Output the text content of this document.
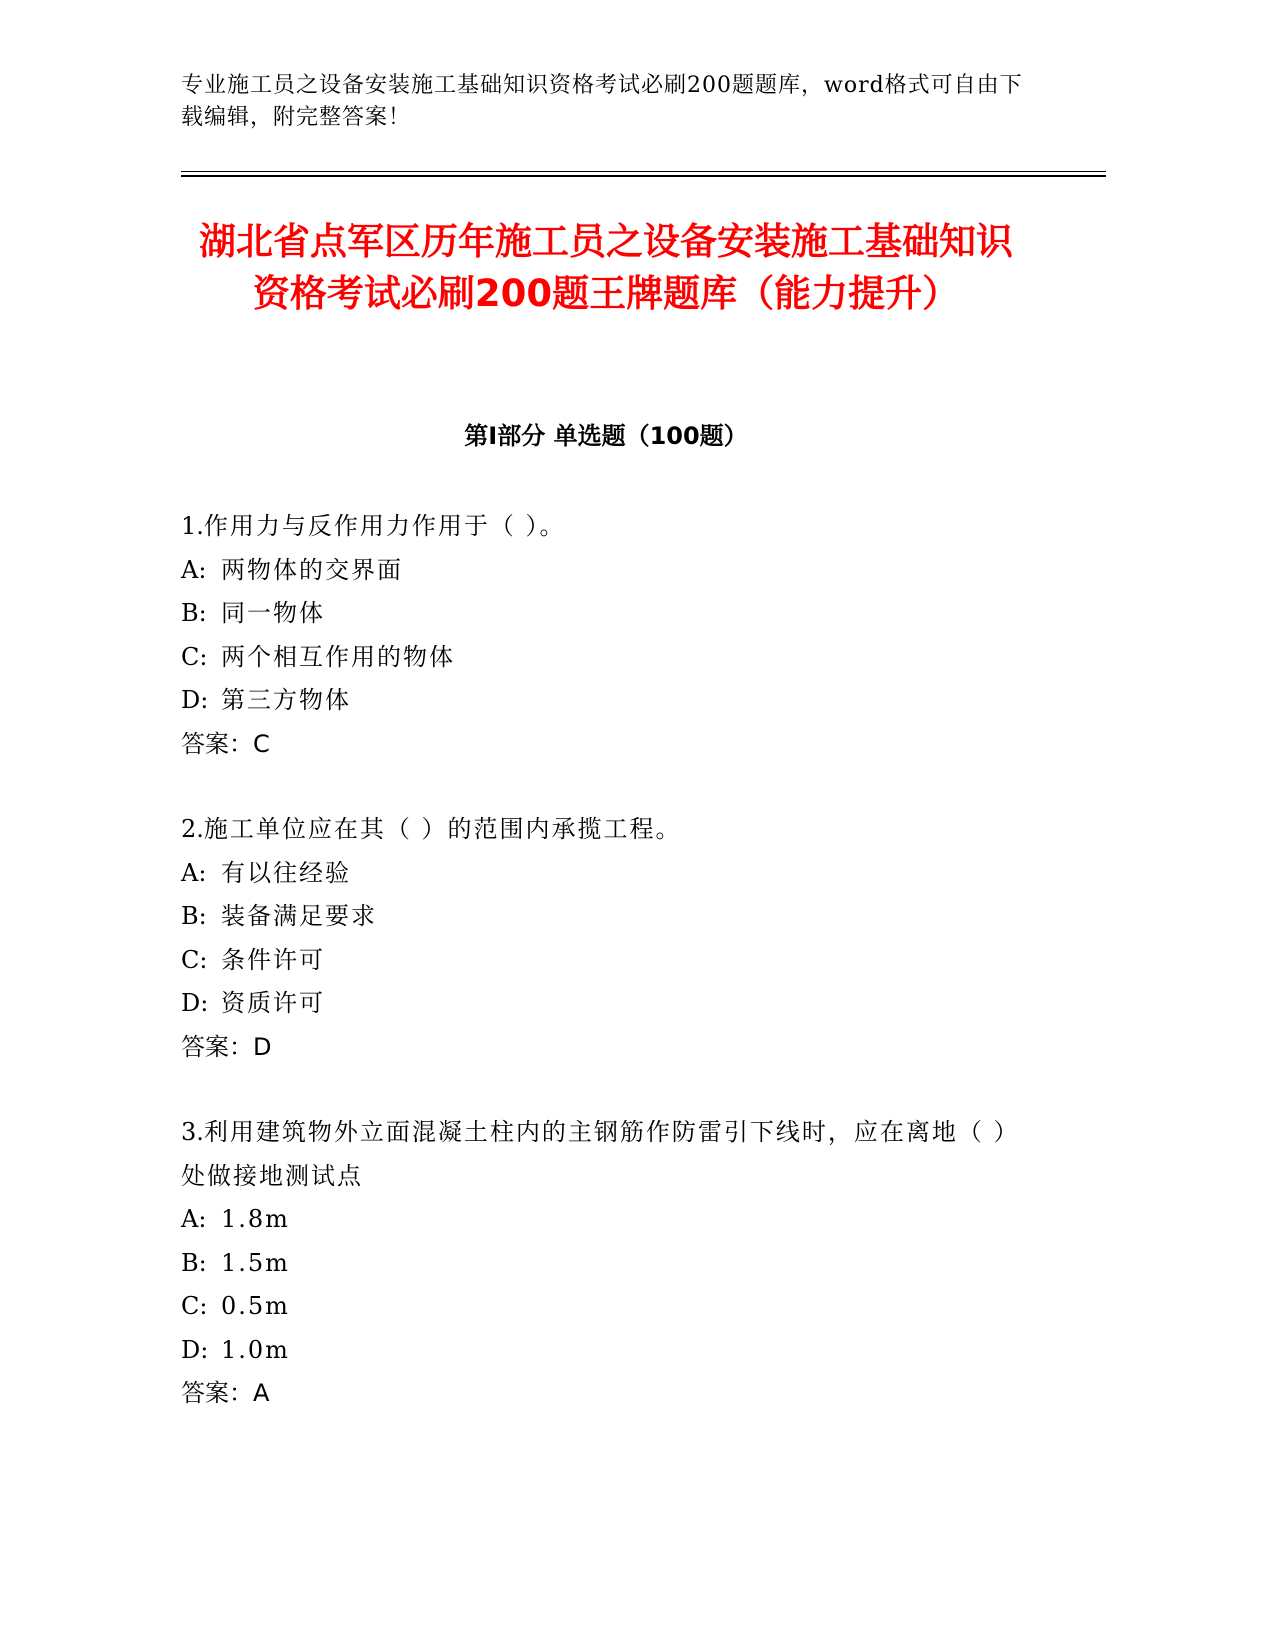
专业施工员之设备安装施工基础知识资格考试必刷200题题库，word格式可自由下载编辑，附完整答案！

湖北省点军区历年施工员之设备安装施工基础知识资格考试必刷200题王牌题库（能力提升）
第I部分 单选题（100题）

1.作用力与反作用力作用于（ ）。

A: 两物体的交界面

B: 同一物体

C: 两个相互作用的物体

D: 第三方物体

答案：C

2.施工单位应在其（ ）的范围内承揽工程。

A: 有以往经验

B: 装备满足要求

C: 条件许可

D: 资质许可

答案：D

3.利用建筑物外立面混凝土柱内的主钢筋作防雷引下线时，应在离地（ ）处做接地测试点

A: 1.8m

B: 1.5m

C: 0.5m

D: 1.0m

答案：A
